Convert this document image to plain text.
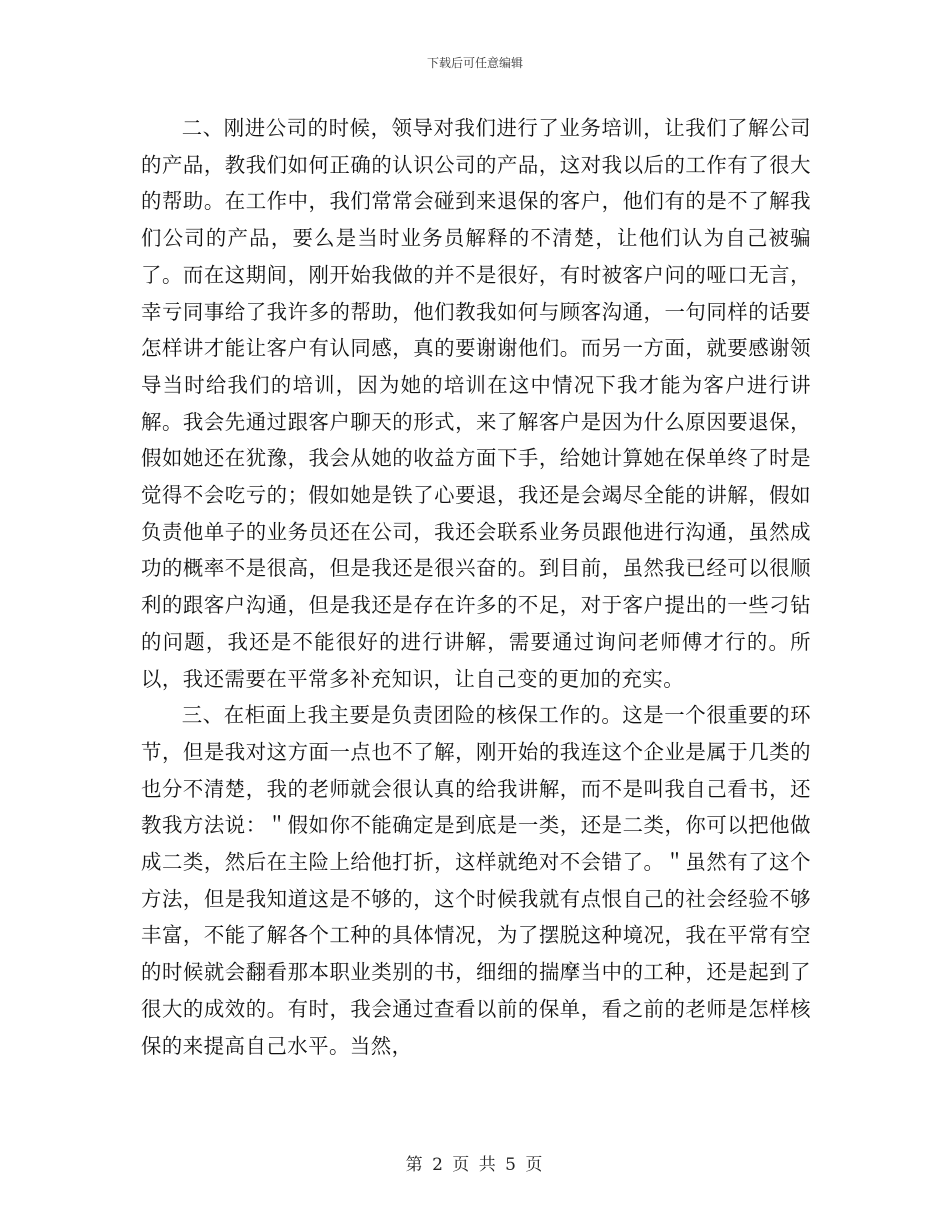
下载后可任意编辑

二、刚进公司的时候，领导对我们进行了业务培训，让我们了解公司的产品，教我们如何正确的认识公司的产品，这对我以后的工作有了很大的帮助。在工作中，我们常常会碰到来退保的客户，他们有的是不了解我们公司的产品，要么是当时业务员解释的不清楚，让他们认为自己被骗了。而在这期间，刚开始我做的并不是很好，有时被客户问的哑口无言，幸亏同事给了我许多的帮助，他们教我如何与顾客沟通，一句同样的话要怎样讲才能让客户有认同感，真的要谢谢他们。而另一方面，就要感谢领导当时给我们的培训，因为她的培训在这中情况下我才能为客户进行讲解。我会先通过跟客户聊天的形式，来了解客户是因为什么原因要退保，假如她还在犹豫，我会从她的收益方面下手，给她计算她在保单终了时是觉得不会吃亏的；假如她是铁了心要退，我还是会竭尽全能的讲解，假如负责他单子的业务员还在公司，我还会联系业务员跟他进行沟通，虽然成功的概率不是很高，但是我还是很兴奋的。到目前，虽然我已经可以很顺利的跟客户沟通，但是我还是存在许多的不足，对于客户提出的一些刁钻的问题，我还是不能很好的进行讲解，需要通过询问老师傅才行的。所以，我还需要在平常多补充知识，让自己变的更加的充实。

三、在柜面上我主要是负责团险的核保工作的。这是一个很重要的环节，但是我对这方面一点也不了解，刚开始的我连这个企业是属于几类的也分不清楚，我的老师就会很认真的给我讲解，而不是叫我自己看书，还教我方法说：＂假如你不能确定是到底是一类，还是二类，你可以把他做成二类，然后在主险上给他打折，这样就绝对不会错了。＂虽然有了这个方法，但是我知道这是不够的，这个时候我就有点恨自己的社会经验不够丰富，不能了解各个工种的具体情况，为了摆脱这种境况，我在平常有空的时候就会翻看那本职业类别的书，细细的揣摩当中的工种，还是起到了很大的成效的。有时，我会通过查看以前的保单，看之前的老师是怎样核保的来提高自己水平。当然，

第 2 页 共 5 页
